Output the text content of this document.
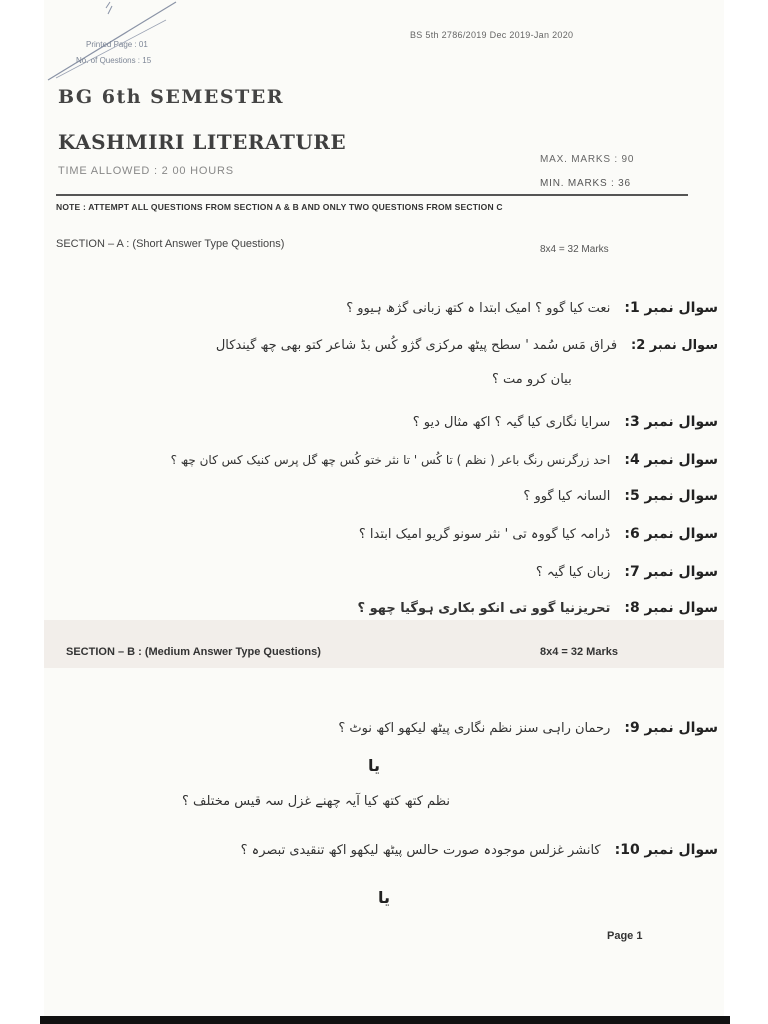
Printed Page : 01
No. of Questions : 15
BS 5th 2786/2019 Dec 2019-Jan 2020
BG 6th SEMESTER
KASHMIRI LITERATURE
TIME ALLOWED : 2 00 HOURS
MAX. MARKS : 90
MIN. MARKS : 36
NOTE : ATTEMPT ALL QUESTIONS FROM SECTION A & B AND ONLY TWO QUESTIONS FROM SECTION C
SECTION – A : (Short Answer Type Questions)	8x4 = 32 Marks
سوال نمبر 1:نعت کیا گوو ؟ امیک ابتدا ہ کتھ زبانی گژھ ہیوو ؟
سوال نمبر 2:فراق مَس سُمد ' سطح پیٹھ مرکزی گژو کُس بڈ شاعر کتو بھی چھ گیندکال
بیان کرو مت ؟
سوال نمبر 3:سرایا نگاری کیا گیہ ؟ اکھ مثال دیو ؟
سوال نمبر 4:احد زرگرنس رنگ باعر ( نظم ) تا کُس ' تا نثر ختو کُس چھ گل پرس کنیک کس کان چھ ؟
سوال نمبر 5:السانہ کیا گوو ؟
سوال نمبر 6:ڈرامہ کیا گووہ تی ' نثر سونو گریو امیک ابتدا ؟
سوال نمبر 7:زبان کیا گیہ ؟
سوال نمبر 8:تحریزنیا گوو تی انکو بکاری ہوگیا چھو ؟
SECTION – B : (Medium Answer Type Questions)	8x4 = 32 Marks
سوال نمبر 9:رحمان راہی سنز نظم نگاری پیٹھ لیکھو اکھ نوٹ ؟
یا
نظم کتھ کتھ کیا آیہ چھنے غزل سہ قیس مختلف ؟
سوال نمبر 10:کانشر غزلس موجودہ صورت حالس پیٹھ لیکھو اکھ تنقیدی تبصرہ ؟
یا
Page 1
